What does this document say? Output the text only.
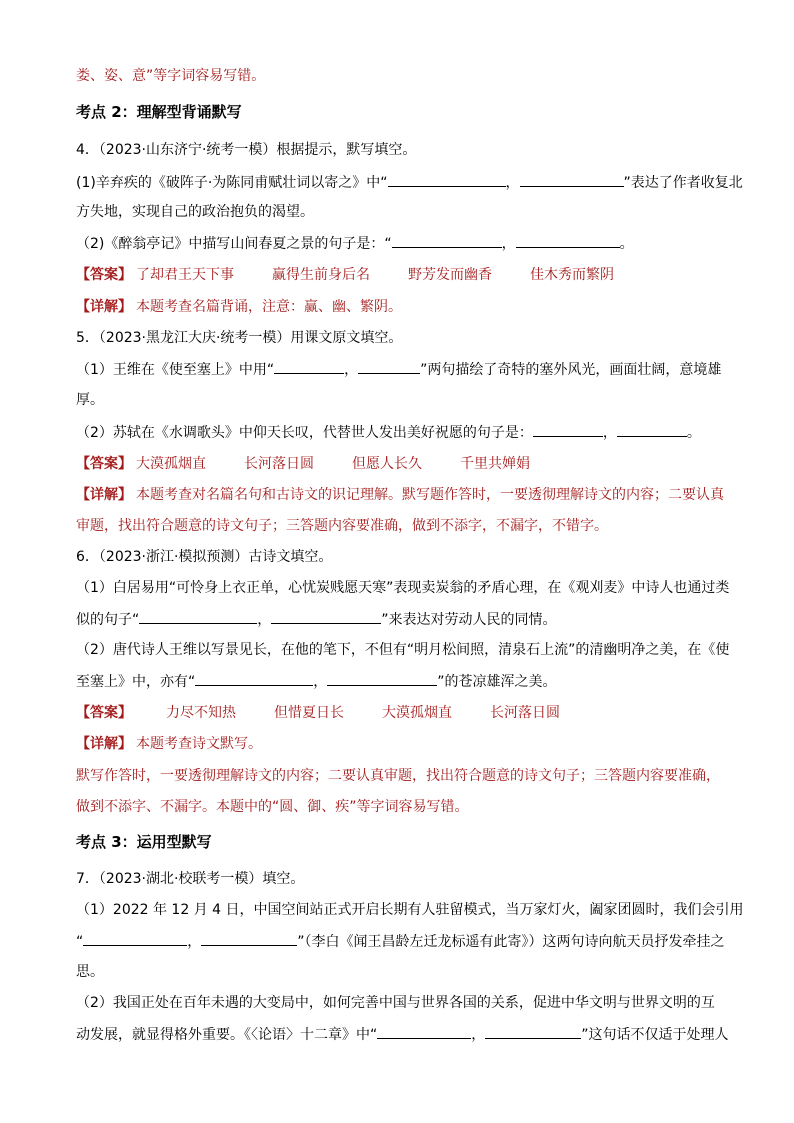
娄、姿、意”等字词容易写错。
考点 2：理解型背诵默写
4．（2023·山东济宁·统考一模）根据提示，默写填空。
(1)辛弃疾的《破阵子·为陈同甫赋壮词以寄之》中“	，	”表达了作者收复北
方失地，实现自己的政治抱负的渴望。
（2)《醉翁亭记》中描写山间春夏之景的句子是：“	，	。
【答案】 了却君王天下事	赢得生前身后名	野芳发而幽香	佳木秀而繁阴
【详解】 本题考查名篇背诵，注意：赢、幽、繁阴。
5．（2023·黑龙江大庆·统考一模）用课文原文填空。
（1）王维在《使至塞上》中用“	，	”两句描绘了奇特的塞外风光，画面壮阔，意境雄
厚。
（2）苏轼在《水调歌头》中仰天长叹，代替世人发出美好祝愿的句子是：	，	。
【答案】 大漠孤烟直	长河落日圆	但愿人长久	千里共婵娟
【详解】 本题考查对名篇名句和古诗文的识记理解。默写题作答时，一要透彻理解诗文的内容；二要认真
审题，找出符合题意的诗文句子；三答题内容要准确，做到不添字，不漏字，不错字。
6．（2023·浙江·模拟预测）古诗文填空。
（1）白居易用“可怜身上衣正单，心忧炭贱愿天寒”表现卖炭翁的矛盾心理，在《观刈麦》中诗人也通过类
似的句子“	，	”来表达对劳动人民的同情。
（2）唐代诗人王维以写景见长，在他的笔下，不但有“明月松间照，清泉石上流”的清幽明净之美，在《使
至塞上》中，亦有“	，	”的苍凉雄浑之美。
【答案】 力尽不知热	但惜夏日长	大漠孤烟直	长河落日圆
【详解】 本题考查诗文默写。
默写作答时，一要透彻理解诗文的内容；二要认真审题，找出符合题意的诗文句子；三答题内容要准确，
做到不添字、不漏字。本题中的“圆、御、疾”等字词容易写错。
考点 3：运用型默写
7．（2023·湖北·校联考一模）填空。
（1）2022 年 12 月 4 日，中国空间站正式开启长期有人驻留模式，当万家灯火，阖家团圆时，我们会引用
“	，	”（李白《闻王昌龄左迁龙标遥有此寄》）这两句诗向航天员抒发牵挂之
思。
（2）我国正处在百年未遇的大变局中，如何完善中国与世界各国的关系，促进中华文明与世界文明的互
动发展，就显得格外重要。《〈论语〉十二章》中“	，	”这句话不仅适于处理人
